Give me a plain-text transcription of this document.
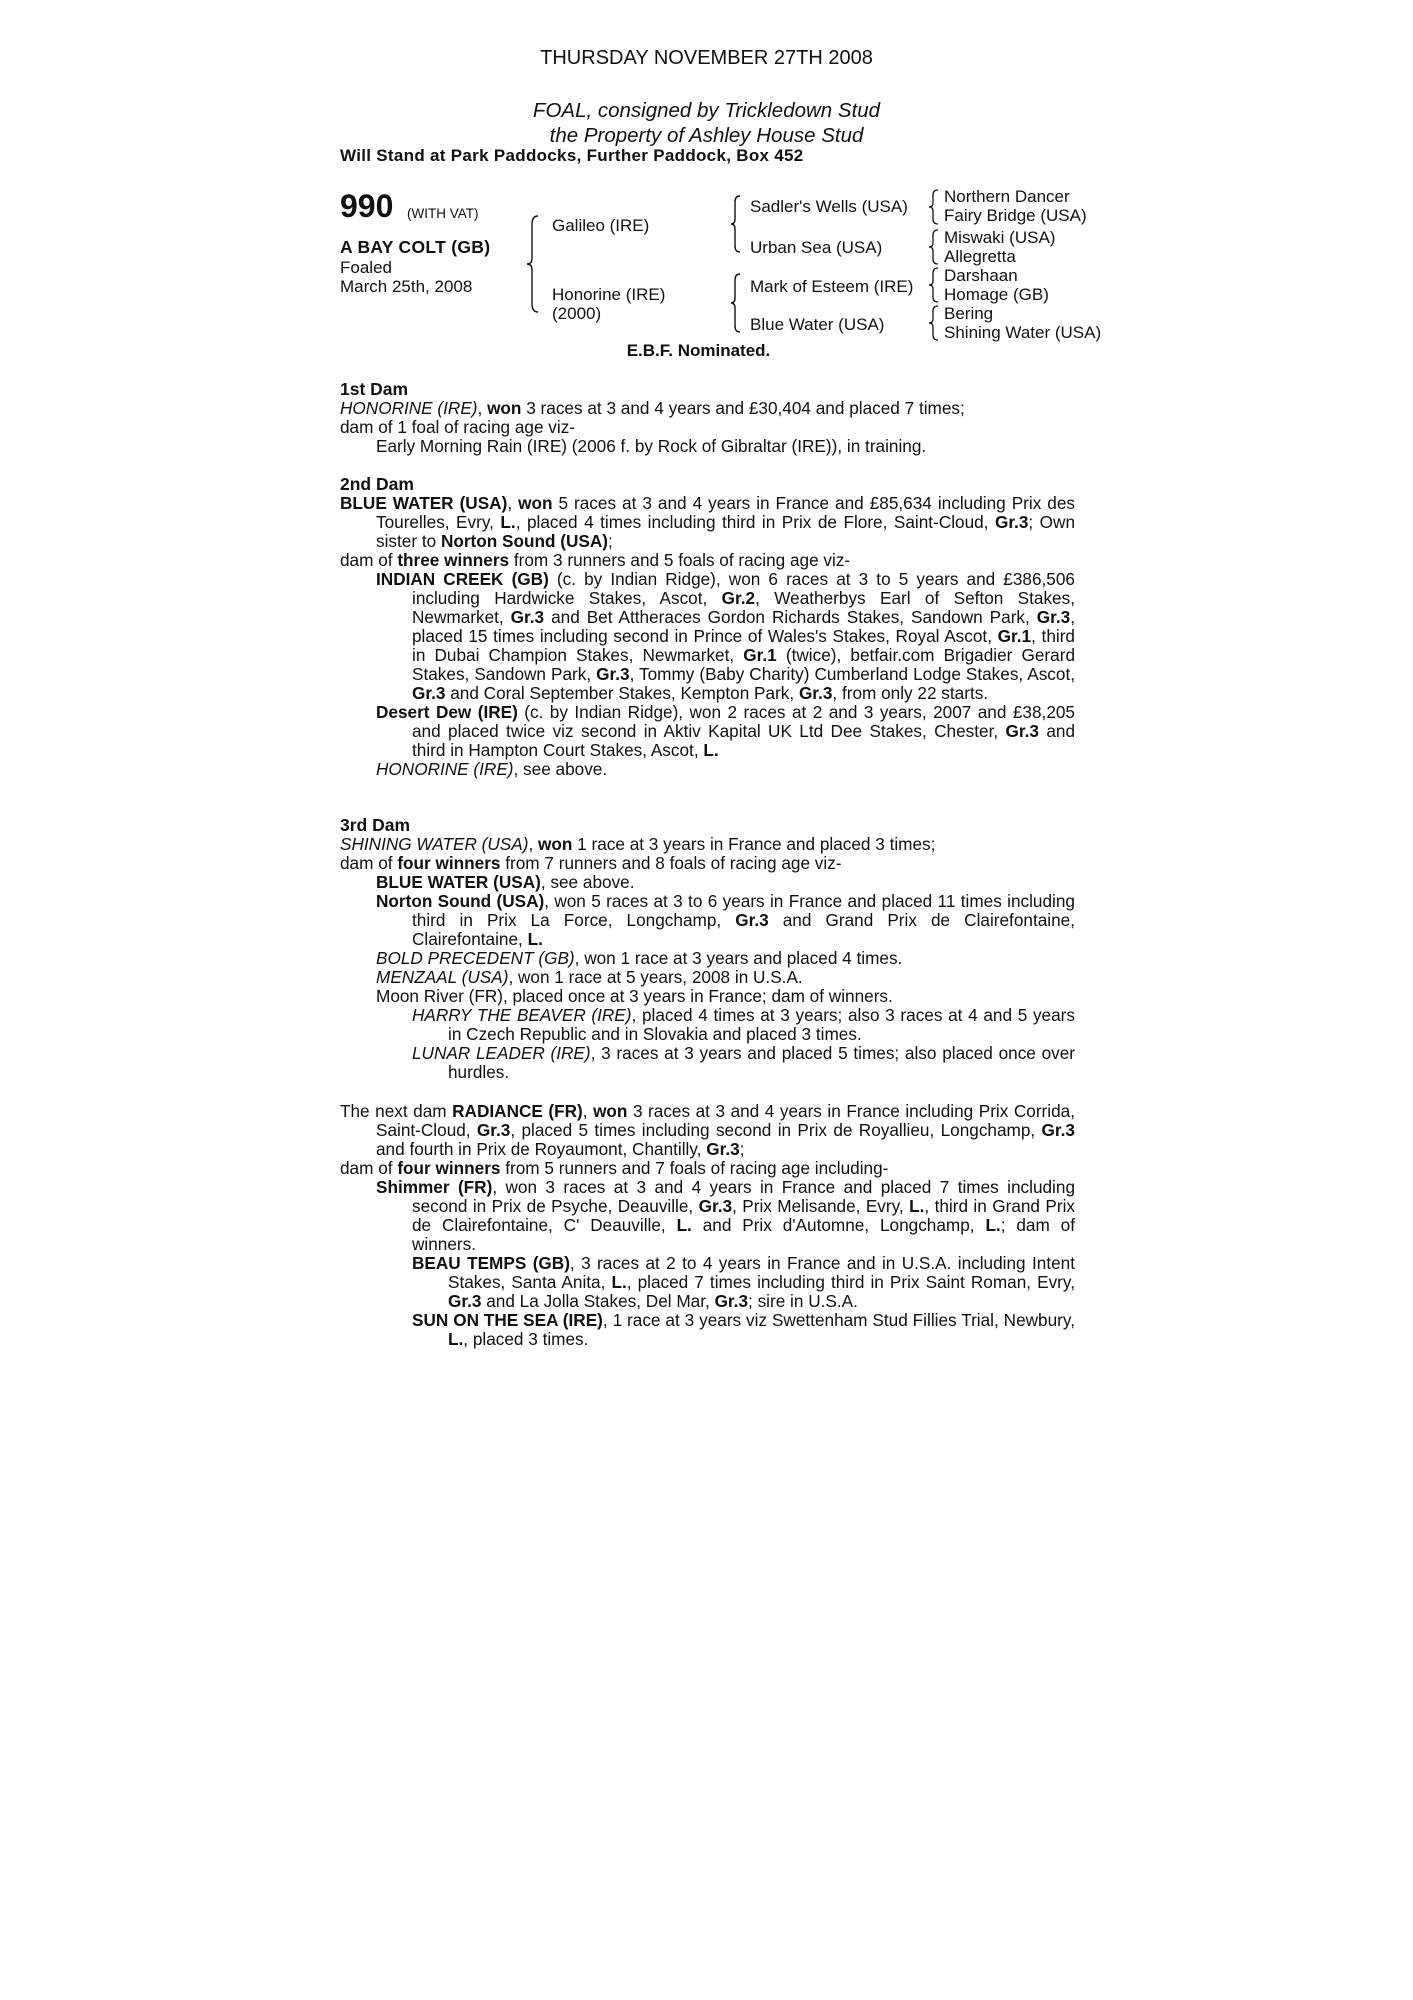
THURSDAY NOVEMBER 27TH 2008
FOAL, consigned by Trickledown Stud
the Property of Ashley House Stud
Will Stand at Park Paddocks, Further Paddock, Box 452
990 (WITH VAT)
A BAY COLT (GB)
Foaled
March 25th, 2008
Galileo (IRE)
Honorine (IRE)
(2000)
Sadler's Wells (USA)
Urban Sea (USA)
Mark of Esteem (IRE)
Blue Water (USA)
Northern Dancer
Fairy Bridge (USA)
Miswaki (USA)
Allegretta
Darshaan
Homage (GB)
Bering
Shining Water (USA)
E.B.F. Nominated.
1st Dam
HONORINE (IRE), won 3 races at 3 and 4 years and £30,404 and placed 7 times;
dam of 1 foal of racing age viz-
Early Morning Rain (IRE) (2006 f. by Rock of Gibraltar (IRE)), in training.
2nd Dam
BLUE WATER (USA), won 5 races at 3 and 4 years in France and £85,634 including Prix des Tourelles, Evry, L., placed 4 times including third in Prix de Flore, Saint-Cloud, Gr.3; Own sister to Norton Sound (USA);
dam of three winners from 3 runners and 5 foals of racing age viz-
INDIAN CREEK (GB) (c. by Indian Ridge), won 6 races at 3 to 5 years and £386,506 including Hardwicke Stakes, Ascot, Gr.2, Weatherbys Earl of Sefton Stakes, Newmarket, Gr.3 and Bet Attheraces Gordon Richards Stakes, Sandown Park, Gr.3, placed 15 times including second in Prince of Wales's Stakes, Royal Ascot, Gr.1, third in Dubai Champion Stakes, Newmarket, Gr.1 (twice), betfair.com Brigadier Gerard Stakes, Sandown Park, Gr.3, Tommy (Baby Charity) Cumberland Lodge Stakes, Ascot, Gr.3 and Coral September Stakes, Kempton Park, Gr.3, from only 22 starts.
Desert Dew (IRE) (c. by Indian Ridge), won 2 races at 2 and 3 years, 2007 and £38,205 and placed twice viz second in Aktiv Kapital UK Ltd Dee Stakes, Chester, Gr.3 and third in Hampton Court Stakes, Ascot, L.
HONORINE (IRE), see above.
3rd Dam
SHINING WATER (USA), won 1 race at 3 years in France and placed 3 times;
dam of four winners from 7 runners and 8 foals of racing age viz-
BLUE WATER (USA), see above.
Norton Sound (USA), won 5 races at 3 to 6 years in France and placed 11 times including third in Prix La Force, Longchamp, Gr.3 and Grand Prix de Clairefontaine, Clairefontaine, L.
BOLD PRECEDENT (GB), won 1 race at 3 years and placed 4 times.
MENZAAL (USA), won 1 race at 5 years, 2008 in U.S.A.
Moon River (FR), placed once at 3 years in France; dam of winners.
HARRY THE BEAVER (IRE), placed 4 times at 3 years; also 3 races at 4 and 5 years in Czech Republic and in Slovakia and placed 3 times.
LUNAR LEADER (IRE), 3 races at 3 years and placed 5 times; also placed once over hurdles.
The next dam RADIANCE (FR), won 3 races at 3 and 4 years in France including Prix Corrida, Saint-Cloud, Gr.3, placed 5 times including second in Prix de Royallieu, Longchamp, Gr.3 and fourth in Prix de Royaumont, Chantilly, Gr.3;
dam of four winners from 5 runners and 7 foals of racing age including-
Shimmer (FR), won 3 races at 3 and 4 years in France and placed 7 times including second in Prix de Psyche, Deauville, Gr.3, Prix Melisande, Evry, L., third in Grand Prix de Clairefontaine, C' Deauville, L. and Prix d'Automne, Longchamp, L.; dam of winners.
BEAU TEMPS (GB), 3 races at 2 to 4 years in France and in U.S.A. including Intent Stakes, Santa Anita, L., placed 7 times including third in Prix Saint Roman, Evry, Gr.3 and La Jolla Stakes, Del Mar, Gr.3; sire in U.S.A.
SUN ON THE SEA (IRE), 1 race at 3 years viz Swettenham Stud Fillies Trial, Newbury, L., placed 3 times.
